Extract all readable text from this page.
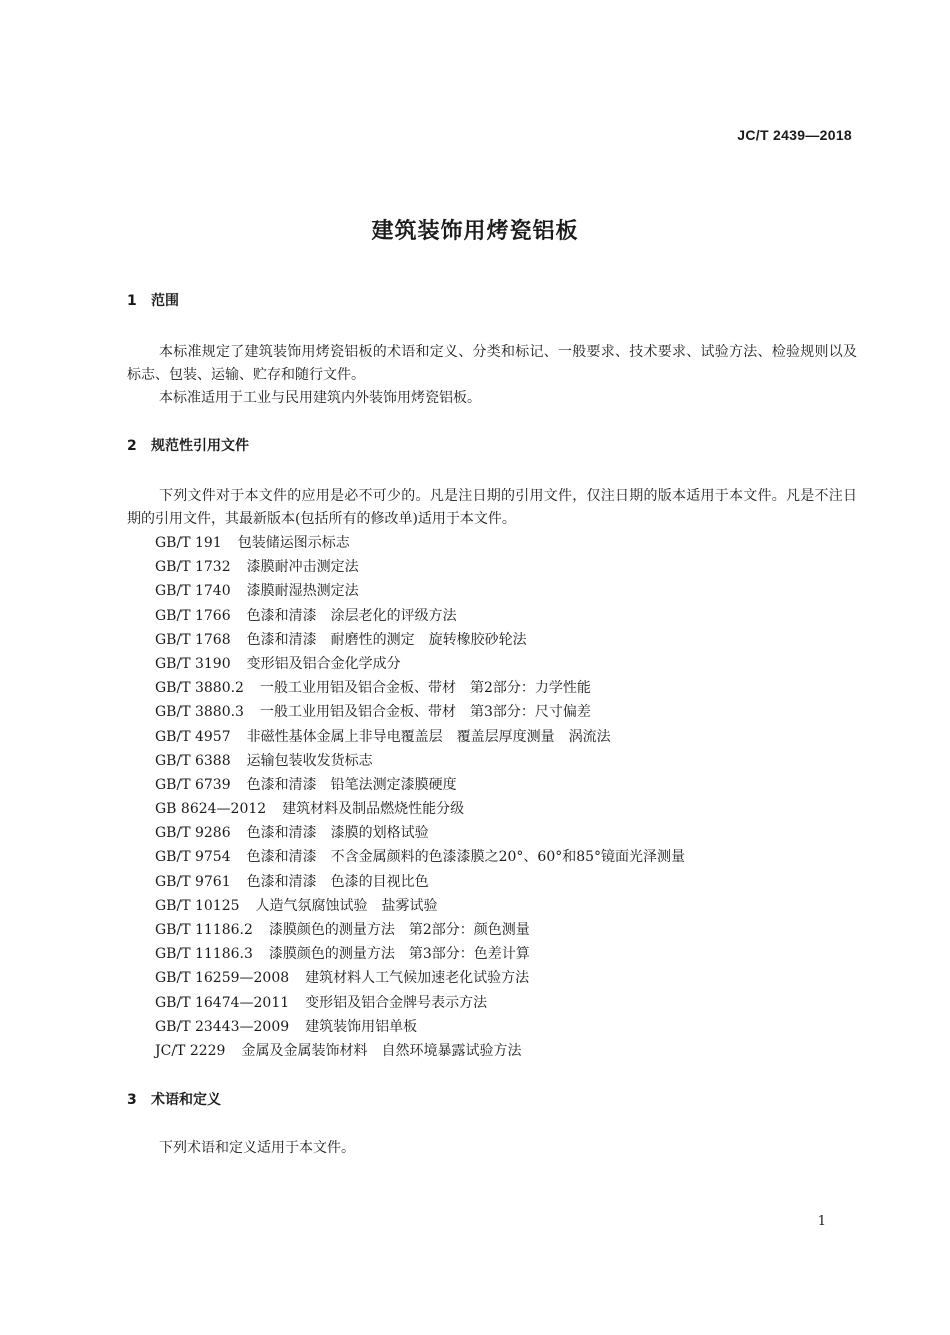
JC/T 2439—2018
建筑装饰用烤瓷铝板
1 范围
本标准规定了建筑装饰用烤瓷铝板的术语和定义、分类和标记、一般要求、技术要求、试验方法、检验规则以及标志、包装、运输、贮存和随行文件。
本标准适用于工业与民用建筑内外装饰用烤瓷铝板。
2 规范性引用文件
下列文件对于本文件的应用是必不可少的。凡是注日期的引用文件，仅注日期的版本适用于本文件。凡是不注日期的引用文件，其最新版本(包括所有的修改单)适用于本文件。
GB/T 191 包装储运图示标志
GB/T 1732 漆膜耐冲击测定法
GB/T 1740 漆膜耐湿热测定法
GB/T 1766 色漆和清漆　涂层老化的评级方法
GB/T 1768 色漆和清漆　耐磨性的测定　旋转橡胶砂轮法
GB/T 3190 变形铝及铝合金化学成分
GB/T 3880.2 一般工业用铝及铝合金板、带材　第2部分：力学性能
GB/T 3880.3 一般工业用铝及铝合金板、带材　第3部分：尺寸偏差
GB/T 4957 非磁性基体金属上非导电覆盖层　覆盖层厚度测量　涡流法
GB/T 6388 运输包装收发货标志
GB/T 6739 色漆和清漆　铅笔法测定漆膜硬度
GB 8624—2012 建筑材料及制品燃烧性能分级
GB/T 9286 色漆和清漆　漆膜的划格试验
GB/T 9754 色漆和清漆　不含金属颜料的色漆漆膜之20°、60°和85°镜面光泽测量
GB/T 9761 色漆和清漆　色漆的目视比色
GB/T 10125 人造气氛腐蚀试验　盐雾试验
GB/T 11186.2 漆膜颜色的测量方法　第2部分：颜色测量
GB/T 11186.3 漆膜颜色的测量方法　第3部分：色差计算
GB/T 16259—2008 建筑材料人工气候加速老化试验方法
GB/T 16474—2011 变形铝及铝合金牌号表示方法
GB/T 23443—2009 建筑装饰用铝单板
JC/T 2229 金属及金属装饰材料　自然环境暴露试验方法
3 术语和定义
下列术语和定义适用于本文件。
1
